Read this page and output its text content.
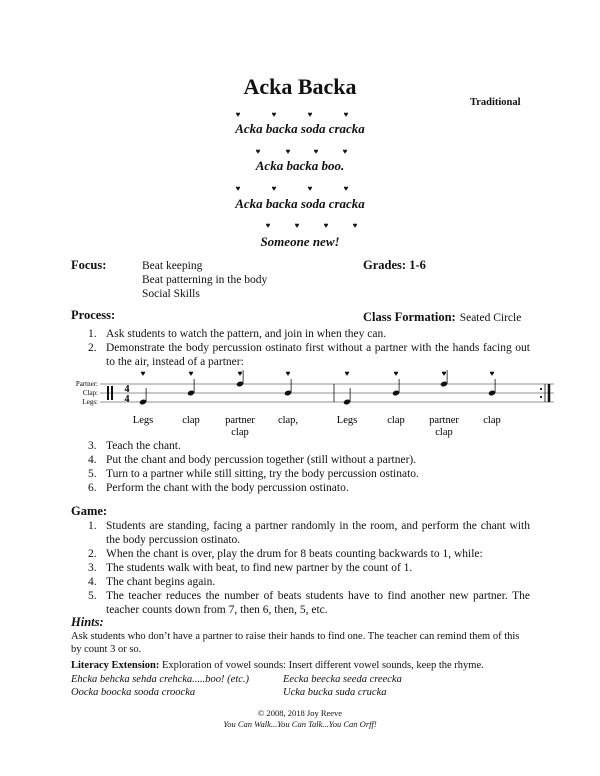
Acka Backa
Traditional
♥	♥	♥	♥
Acka backa soda cracka
♥	♥	♥	♥
Acka backa boo.
♥	♥	♥	♥
Acka backa soda cracka
♥	♥	♥	♥
Someone new!
Focus:	Beat keeping
Beat patterning in the body
Social Skills
Grades: 1-6
Process:	Class Formation: Seated Circle
1. Ask students to watch the pattern, and join in when they can.
2. Demonstrate the body percussion ostinato first without a partner with the hands facing out to the air, instead of a partner:
Partner:
Clap:
Legs:
4
4
♥
Legs
♥
clap
♥
partner
clap
♥
clap,
♥
Legs
♥
clap
♥
partner
clap
♥
clap
3. Teach the chant.
4. Put the chant and body percussion together (still without a partner).
5. Turn to a partner while still sitting, try the body percussion ostinato.
6. Perform the chant with the body percussion ostinato.
Game:
1. Students are standing, facing a partner randomly in the room, and perform the chant with the body percussion ostinato.
2. When the chant is over, play the drum for 8 beats counting backwards to 1, while:
3. The students walk with beat, to find new partner by the count of 1.
4. The chant begins again.
5. The teacher reduces the number of beats students have to find another new partner. The teacher counts down from 7, then 6, then, 5, etc.
Hints:
Ask students who don’t have a partner to raise their hands to find one. The teacher can remind them of this by count 3 or so.
Literacy Extension: Exploration of vowel sounds: Insert different vowel sounds, keep the rhyme.
Ehcka behcka sehda crehcka.....boo! (etc.)	Eecka beecka seeda creecka
Oocka boocka sooda croocka	Ucka bucka suda crucka
© 2008, 2018 Joy Reeve
You Can Walk...You Can Talk...You Can Orff!
